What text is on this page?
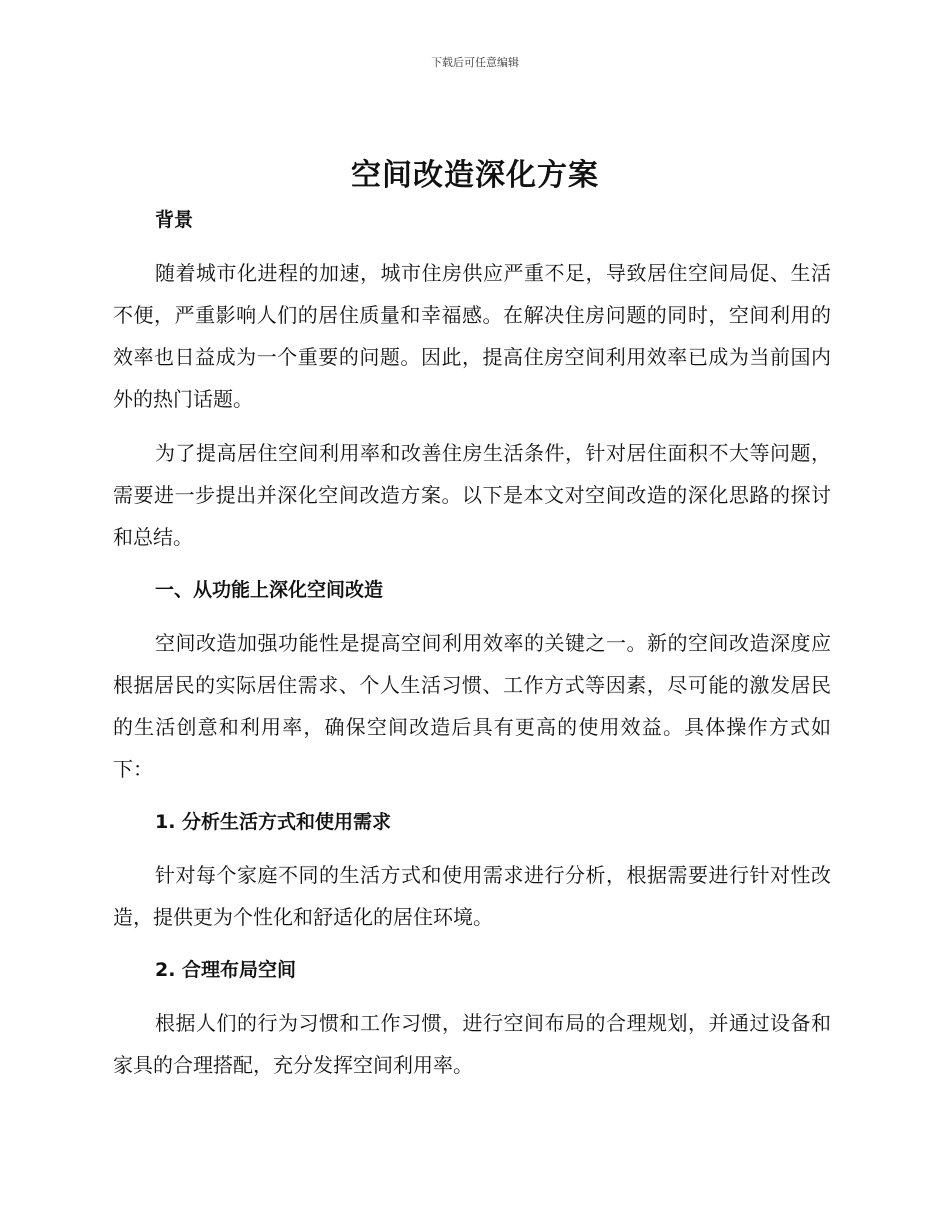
下载后可任意编辑
空间改造深化方案

背景

随着城市化进程的加速，城市住房供应严重不足，导致居住空间局促、生活不便，严重影响人们的居住质量和幸福感。在解决住房问题的同时，空间利用的效率也日益成为一个重要的问题。因此，提高住房空间利用效率已成为当前国内外的热门话题。

为了提高居住空间利用率和改善住房生活条件，针对居住面积不大等问题，需要进一步提出并深化空间改造方案。以下是本文对空间改造的深化思路的探讨和总结。

一、从功能上深化空间改造

空间改造加强功能性是提高空间利用效率的关键之一。新的空间改造深度应根据居民的实际居住需求、个人生活习惯、工作方式等因素，尽可能的激发居民的生活创意和利用率，确保空间改造后具有更高的使用效益。具体操作方式如下：

1. 分析生活方式和使用需求

针对每个家庭不同的生活方式和使用需求进行分析，根据需要进行针对性改造，提供更为个性化和舒适化的居住环境。

2. 合理布局空间

根据人们的行为习惯和工作习惯，进行空间布局的合理规划，并通过设备和家具的合理搭配，充分发挥空间利用率。
